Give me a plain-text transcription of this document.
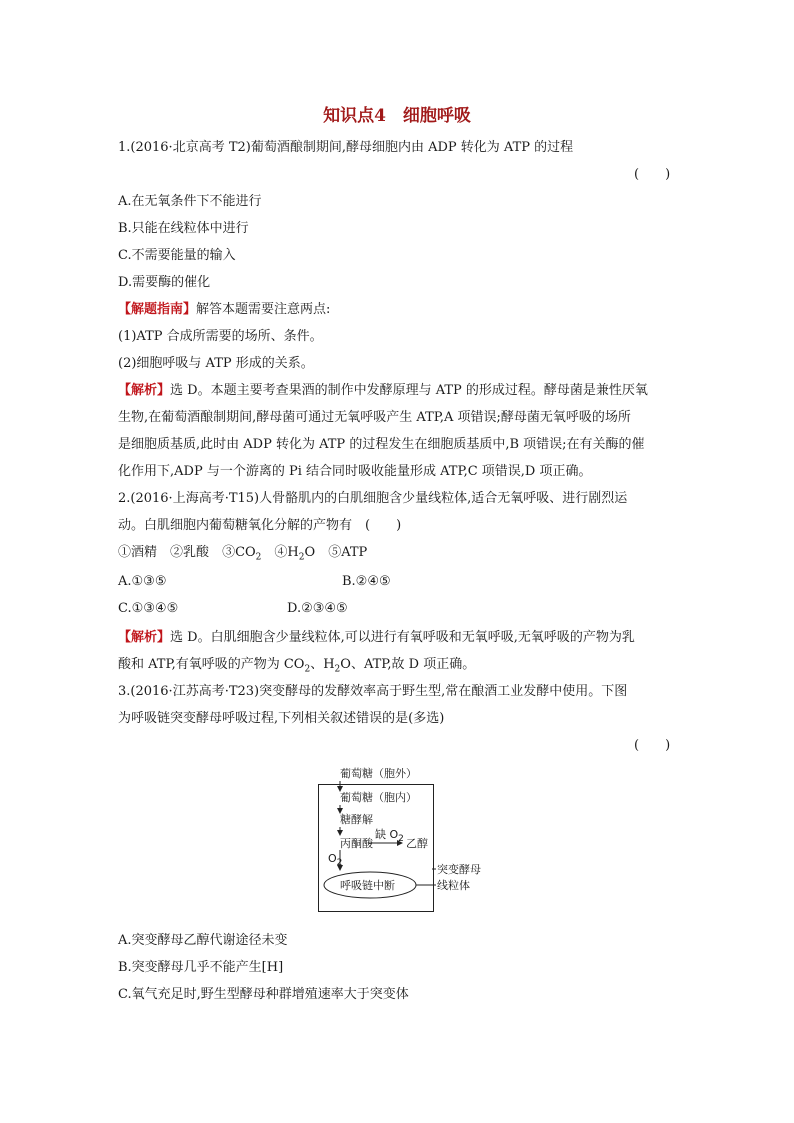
知识点4　细胞呼吸
1.(2016·北京高考 T2)葡萄酒酿制期间,酵母细胞内由 ADP 转化为 ATP 的过程
(　　)
A.在无氧条件下不能进行
B.只能在线粒体中进行
C.不需要能量的输入
D.需要酶的催化
【解题指南】解答本题需要注意两点:
(1)ATP 合成所需要的场所、条件。
(2)细胞呼吸与 ATP 形成的关系。
【解析】选 D。本题主要考查果酒的制作中发酵原理与 ATP 的形成过程。酵母菌是兼性厌氧
生物,在葡萄酒酿制期间,酵母菌可通过无氧呼吸产生 ATP,A 项错误;酵母菌无氧呼吸的场所
是细胞质基质,此时由 ADP 转化为 ATP 的过程发生在细胞质基质中,B 项错误;在有关酶的催
化作用下,ADP 与一个游离的 Pi 结合同时吸收能量形成 ATP,C 项错误,D 项正确。
2.(2016·上海高考·T15)人骨骼肌内的白肌细胞含少量线粒体,适合无氧呼吸、进行剧烈运
动。白肌细胞内葡萄糖氧化分解的产物有　(　　)
①酒精　 ②乳酸　 $③CO_2$　 $④H_2O$　 ⑤ATP
A.①③⑤	B.②④⑤
C.①③④⑤	D.②③④⑤
【解析】选 D。白肌细胞含少量线粒体,可以进行有氧呼吸和无氧呼吸,无氧呼吸的产物为乳
酸和 ATP,有氧呼吸的产物为 $CO_2$、$H_2O$、ATP,故 D 项正确。
3.(2016·江苏高考·T23)突变酵母的发酵效率高于野生型,常在酿酒工业发酵中使用。下图
为呼吸链突变酵母呼吸过程,下列相关叙述错误的是(多选)
(　　)
葡萄糖（胞外）
葡萄糖（胞内）
糖酵解
丙酮酸
缺 $O_2$ 乙醇
$O_2$
呼吸链中断
突变酵母
线粒体
A.突变酵母乙醇代谢途径未变
B.突变酵母几乎不能产生[H]
C.氧气充足时,野生型酵母种群增殖速率大于突变体
